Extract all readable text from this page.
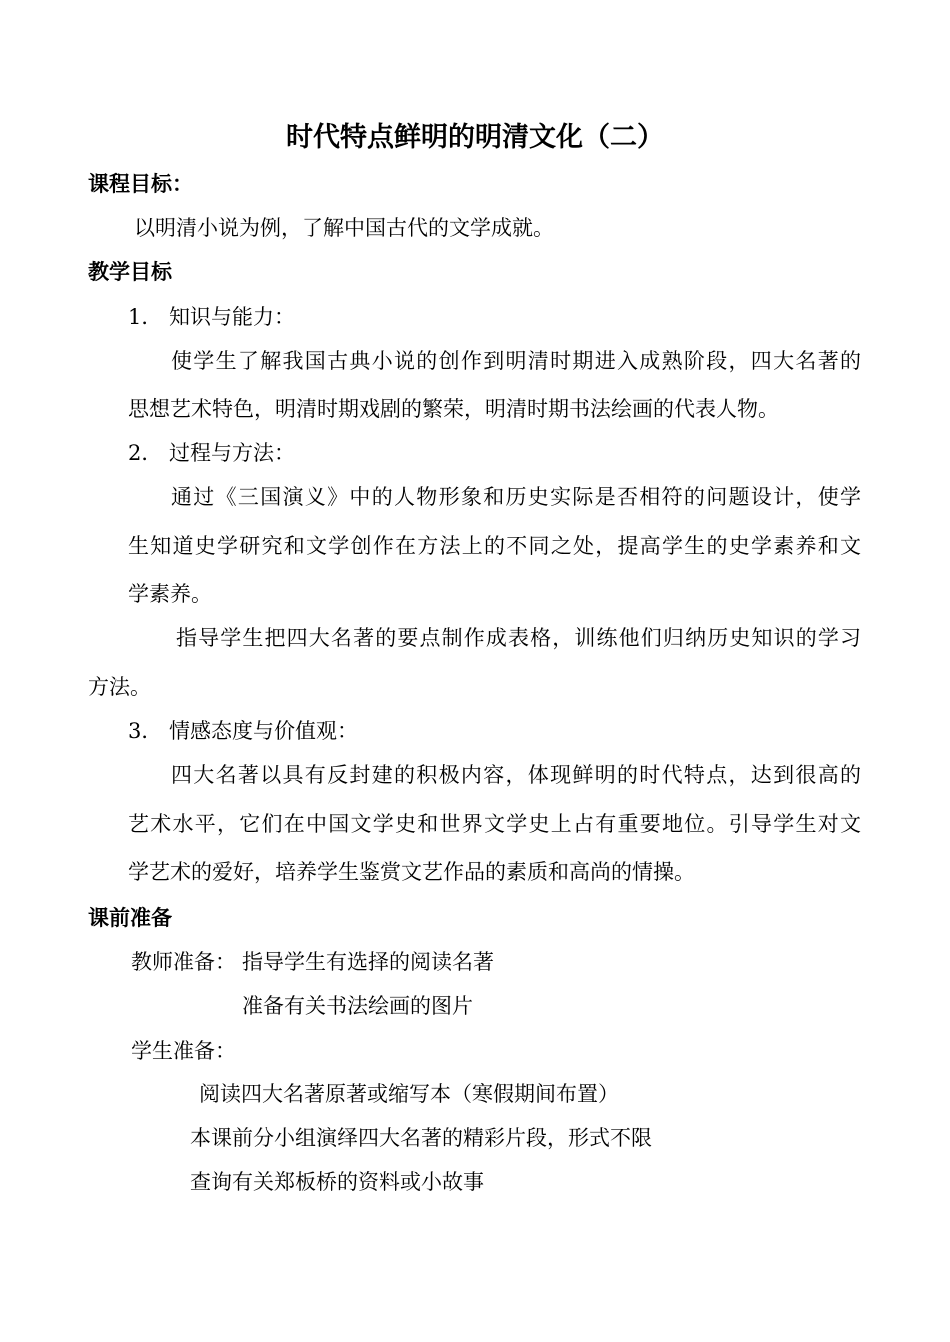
时代特点鲜明的明清文化（二）
课程目标：
以明清小说为例，了解中国古代的文学成就。
教学目标
1． 知识与能力：
使学生了解我国古典小说的创作到明清时期进入成熟阶段，四大名著的
思想艺术特色，明清时期戏剧的繁荣，明清时期书法绘画的代表人物。
2． 过程与方法：
通过《三国演义》中的人物形象和历史实际是否相符的问题设计，使学
生知道史学研究和文学创作在方法上的不同之处，提高学生的史学素养和文
学素养。
指导学生把四大名著的要点制作成表格，训练他们归纳历史知识的学习
方法。
3． 情感态度与价值观：
四大名著以具有反封建的积极内容，体现鲜明的时代特点，达到很高的
艺术水平，它们在中国文学史和世界文学史上占有重要地位。引导学生对文
学艺术的爱好，培养学生鉴赏文艺作品的素质和高尚的情操。
课前准备
教师准备： 指导学生有选择的阅读名著
准备有关书法绘画的图片
学生准备：
阅读四大名著原著或缩写本（寒假期间布置）
本课前分小组演绎四大名著的精彩片段，形式不限
查询有关郑板桥的资料或小故事
